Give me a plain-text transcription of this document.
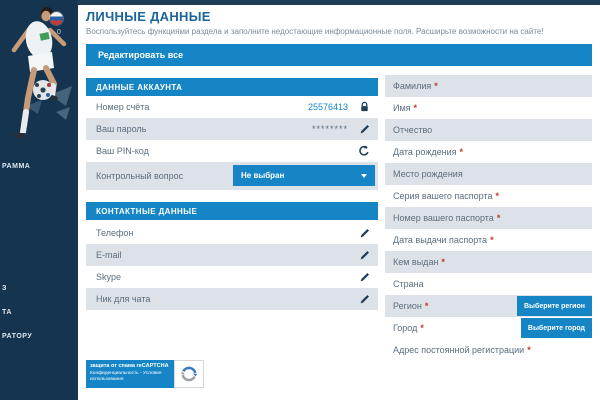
0
РАММА
З
ТА
РАТОРУ
ЛИЧНЫЕ ДАННЫЕ

Воспользуйтесь функциями раздела и заполните недостающие информационные поля. Расширьте возможности на сайте!

Редактировать все
ДАННЫЕ АККАУНТА
Номер счёта	25576413
Ваш пароль	********
Ваш PIN-код
Контрольный вопрос	Не выбран
КОНТАКТНЫЕ ДАННЫЕ
Телефон
E-mail
Skype
Ник для чата
защита от спама reCAPTCHA
Конфиденциальность - Условия использования
Фамилия *
Имя *
Отчество
Дата рождения *
Место рождения
Серия вашего паспорта *
Номер вашего паспорта *
Дата выдачи паспорта *
Кем выдан *
Страна
Регион *	Выберите регион
Город *	Выберите город
Адрес постоянной регистрации *
